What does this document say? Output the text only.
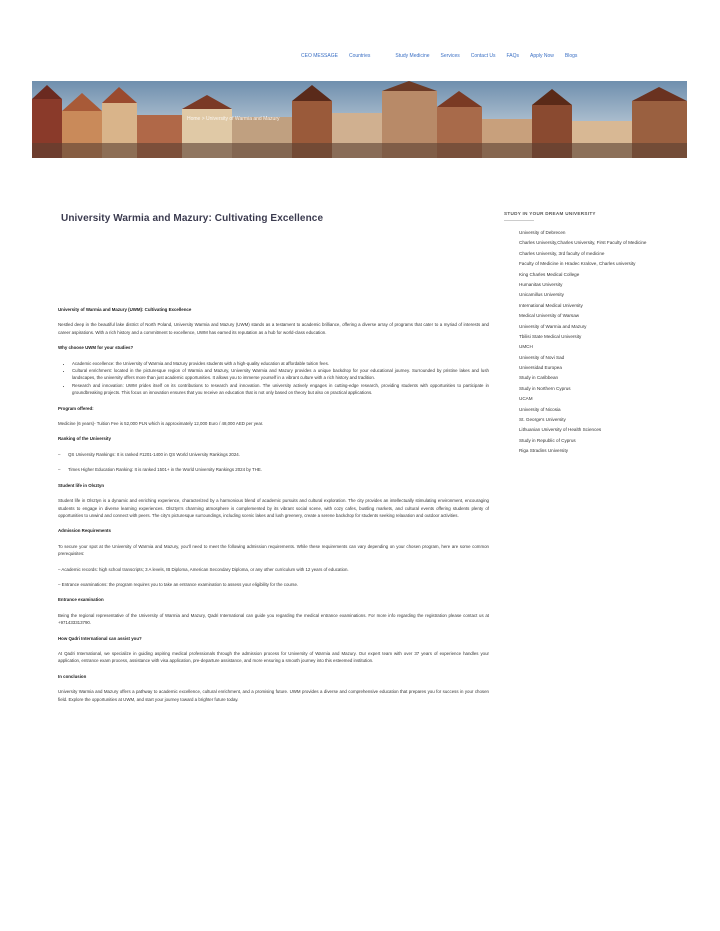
CEO MESSAGE Countries	Study Medicine Services Contact Us FAQs Apply Now Blogs
Home > University of Warmia and Mazury
University Warmia and Mazury: Cultivating Excellence
University of Warmia and Mazury (UWM): Cultivating Excellence
Nestled deep in the beautiful lake district of North Poland, University Warmia and Mazury (UWM) stands as a testament to academic brilliance, offering a diverse array of programs that cater to a myriad of interests and career aspirations. With a rich history and a commitment to excellence, UWM has earned its reputation as a hub for world-class education.
Why choose UWM for your studies?
• Academic excellence: the University of Warmia and Mazury provides students with a high-quality education at affordable tuition fees.
• Cultural enrichment: located in the picturesque region of Warmia and Mazury, University Warmia and Mazury provides a unique backdrop for your educational journey. Surrounded by pristine lakes and lush landscapes, the university offers more than just academic opportunities. It allows you to immerse yourself in a vibrant culture with a rich history and tradition.
• Research and innovation: UWM prides itself on its contributions to research and innovation. The university actively engages in cutting-edge research, providing students with opportunities to participate in groundbreaking projects. This focus on innovation ensures that you receive an education that is not only based on theory but also on practical applications.
Program offered:
Medicine (6 years)- Tuition Fee is 52,000 PLN which is approximately 12,000 Euro / 48,000 AED per year.
Ranking of the University
– QS University Rankings: It is ranked #1201-1400 in QS World University Rankings 2024.
– Times Higher Education Ranking: It is ranked 1501+ in the World University Rankings 2024 by THE.
Student life in Olsztyn
Student life in Olsztyn is a dynamic and enriching experience, characterized by a harmonious blend of academic pursuits and cultural exploration. The city provides an intellectually stimulating environment, encouraging students to engage in diverse learning experiences. Olsztyn's charming atmosphere is complemented by its vibrant social scene, with cozy cafes, bustling markets, and cultural events offering students plenty of opportunities to unwind and connect with peers. The city's picturesque surroundings, including scenic lakes and lush greenery, create a serene backdrop for students seeking relaxation and outdoor activities.
Admission Requirements
To secure your spot at the University of Warmia and Mazury, you'll need to meet the following admission requirements. While these requirements can vary depending on your chosen program, here are some common prerequisites:
– Academic records: high school transcripts; 3 A levels, IB Diploma, American Secondary Diploma, or any other curriculum with 12 years of education.
– Entrance examinations: the program requires you to take an entrance examination to assess your eligibility for the course.
Entrance examination
Being the regional representative of the University of Warmia and Mazury, Qadri International can guide you regarding the medical entrance examinations. For more info regarding the registration please contact us at +971433313790.
How Qadri International can assist you?
At Qadri International, we specialize in guiding aspiring medical professionals through the admission process for University of Warmia and Mazury. Our expert team with over 37 years of experience handles your application, entrance exam process, assistance with visa application, pre-departure assistance, and more ensuring a smooth journey into this esteemed institution.
In conclusion
University Warmia and Mazury offers a pathway to academic excellence, cultural enrichment, and a promising future. UWM provides a diverse and comprehensive education that prepares you for success in your chosen field. Explore the opportunities at UWM, and start your journey toward a brighter future today.
STUDY IN YOUR DREAM UNIVERSITY
University of Debrecen
Charles University,Charles University, First Faculty of Medicine
Charles University, 3rd faculty of medicine
Faculty of Medicine in Hradec Kralove, Charles university
King Charles Medical College
Humanitas University
Unicamillus University
International Medical University
Medical University of Warsaw
University of Warmia and Mazury
Tbilisi State Medical University
UMCH
University of Novi Sad
Universidad Europea
Study in Caribbean
Study in Northern Cyprus
UCAM
University of Nicosia
St. George's University
Lithuanian University of Health Sciences
Study in Republic of Cyprus
Riga Stradins University
